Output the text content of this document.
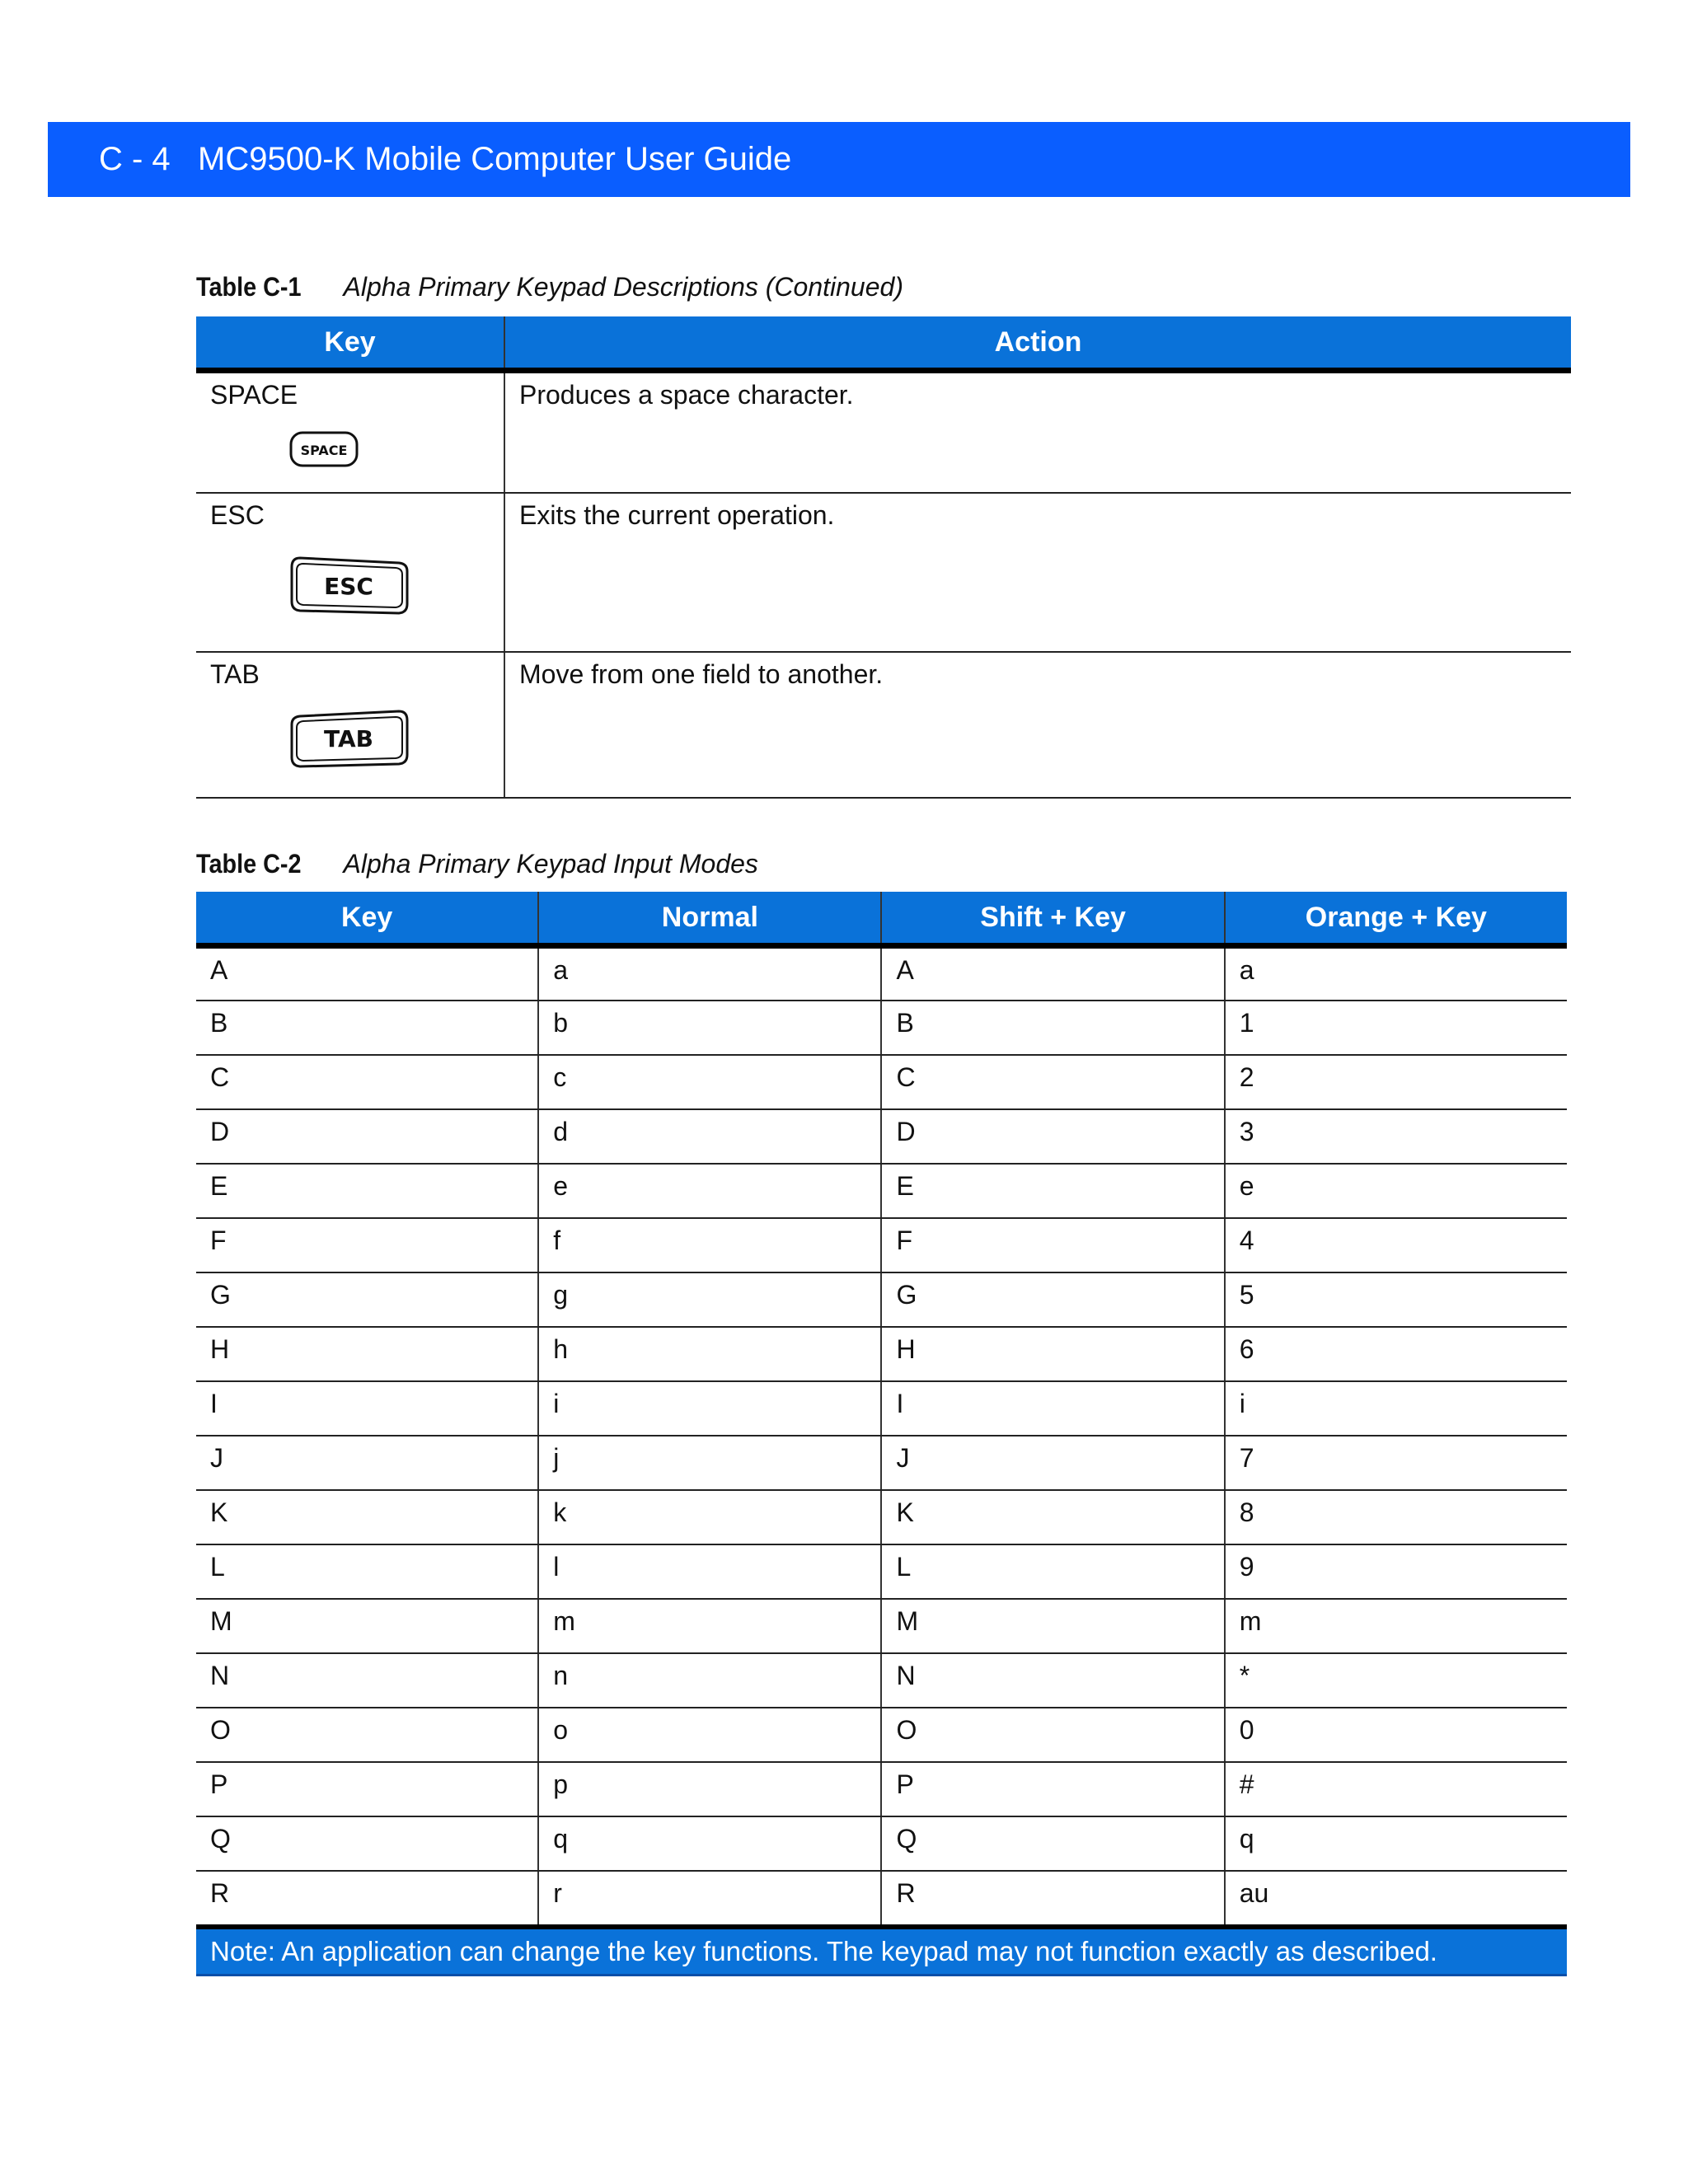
C - 4 MC9500-K Mobile Computer User Guide
Table C-1 Alpha Primary Keypad Descriptions (Continued)
Key	Action
SPACE
SPACE	Produces a space character.
ESC
ESC	Exits the current operation.
TAB
TAB	Move from one field to another.
Table C-2 Alpha Primary Keypad Input Modes
Key	Normal	Shift + Key	Orange + Key
A	a	A	a
B	b	B	1
C	c	C	2
D	d	D	3
E	e	E	e
F	f	F	4
G	g	G	5
H	h	H	6
I	i	I	i
J	j	J	7
K	k	K	8
L	l	L	9
M	m	M	m
N	n	N	*
O	o	O	0
P	p	P	#
Q	q	Q	q
R	r	R	au
Note: An application can change the key functions. The keypad may not function exactly as described.
